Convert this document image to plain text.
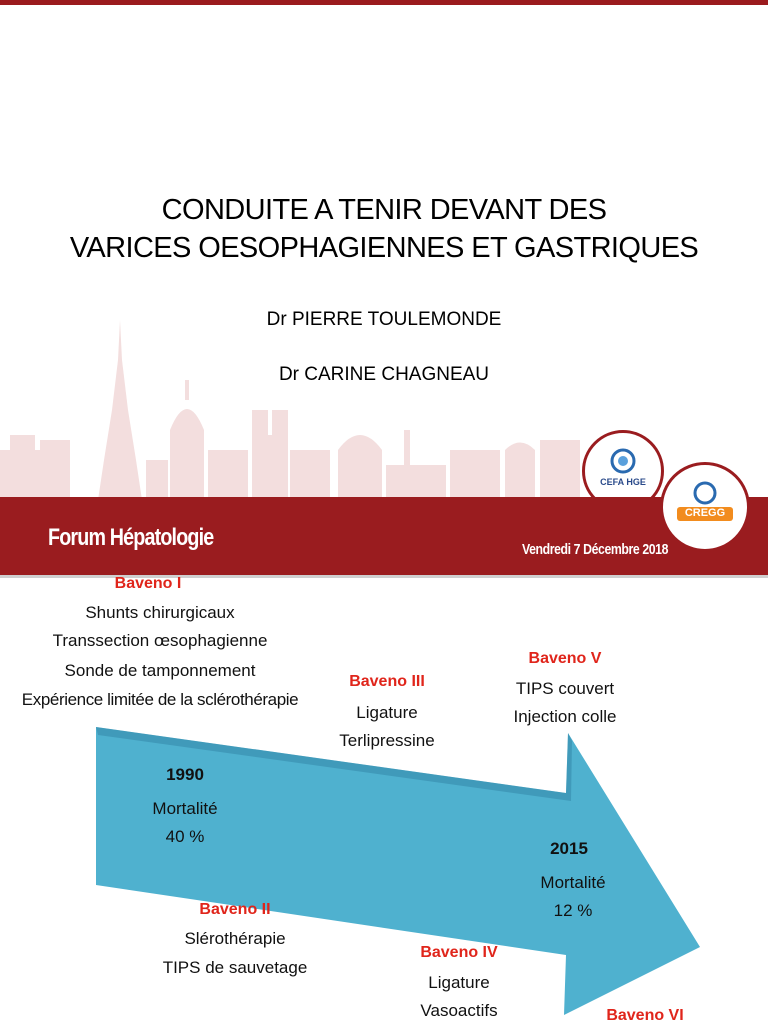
CONDUITE A TENIR DEVANT DES
VARICES OESOPHAGIENNES ET GASTRIQUES
Dr PIERRE TOULEMONDE
Dr CARINE CHAGNEAU
CEFA HGE
Forum Hépatologie	Vendredi 7 Décembre 2018
CREGG
Baveno I
Shunts chirurgicaux
Transsection œsophagienne
Sonde de tamponnement
Expérience limitée de la sclérothérapie
Baveno III
Ligature
Terlipressine
Baveno V
TIPS couvert
Injection colle
1990
Mortalité
40 %
2015
Mortalité
12 %
Baveno II
Slérothérapie
TIPS de sauvetage
Baveno IV
Ligature
Vasoactifs	Baveno VI
